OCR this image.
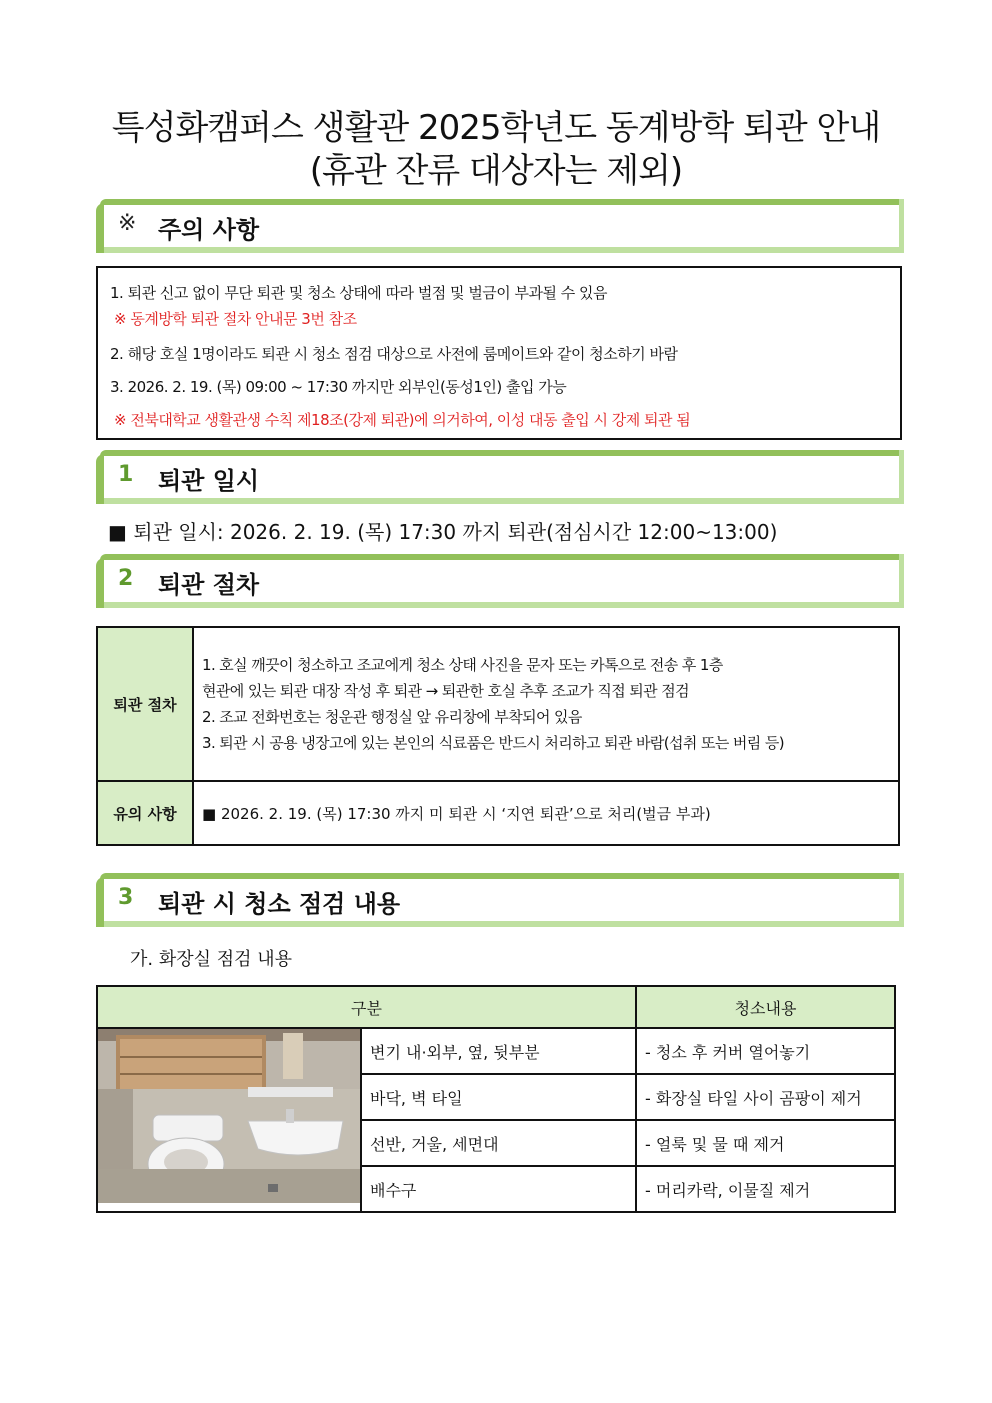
특성화캠퍼스 생활관 2025학년도 동계방학 퇴관 안내
(휴관 잔류 대상자는 제외)
※ 주의 사항
1. 퇴관 신고 없이 무단 퇴관 및 청소 상태에 따라 벌점 및 벌금이 부과될 수 있음
※ 동계방학 퇴관 절차 안내문 3번 참조
2. 해당 호실 1명이라도 퇴관 시 청소 점검 대상으로 사전에 룸메이트와 같이 청소하기 바람
3. 2026. 2. 19. (목) 09:00 ~ 17:30 까지만 외부인(동성1인) 출입 가능
※ 전북대학교 생활관생 수칙 제18조(강제 퇴관)에 의거하여, 이성 대동 출입 시 강제 퇴관 됨
1 퇴관 일시
■ 퇴관 일시: 2026. 2. 19. (목) 17:30 까지 퇴관(점심시간 12:00~13:00)
2 퇴관 절차
퇴관 절차	1. 호실 깨끗이 청소하고 조교에게 청소 상태 사진을 문자 또는 카톡으로 전송 후 1층
현관에 있는 퇴관 대장 작성 후 퇴관 → 퇴관한 호실 추후 조교가 직접 퇴관 점검
2. 조교 전화번호는 청운관 행정실 앞 유리창에 부착되어 있음
3. 퇴관 시 공용 냉장고에 있는 본인의 식료품은 반드시 처리하고 퇴관 바람(섭취 또는 버림 등)

유의 사항	■ 2026. 2. 19. (목) 17:30 까지 미 퇴관 시 ‘지연 퇴관’으로 처리(벌금 부과)
3 퇴관 시 청소 점검 내용
가. 화장실 점검 내용
구분		청소내용
	변기 내·외부, 옆, 뒷부분	- 청소 후 커버 열어놓기
	바닥, 벽 타일	- 화장실 타일 사이 곰팡이 제거
	선반, 거울, 세면대	- 얼룩 및 물 때 제거
	배수구	- 머리카락, 이물질 제거
